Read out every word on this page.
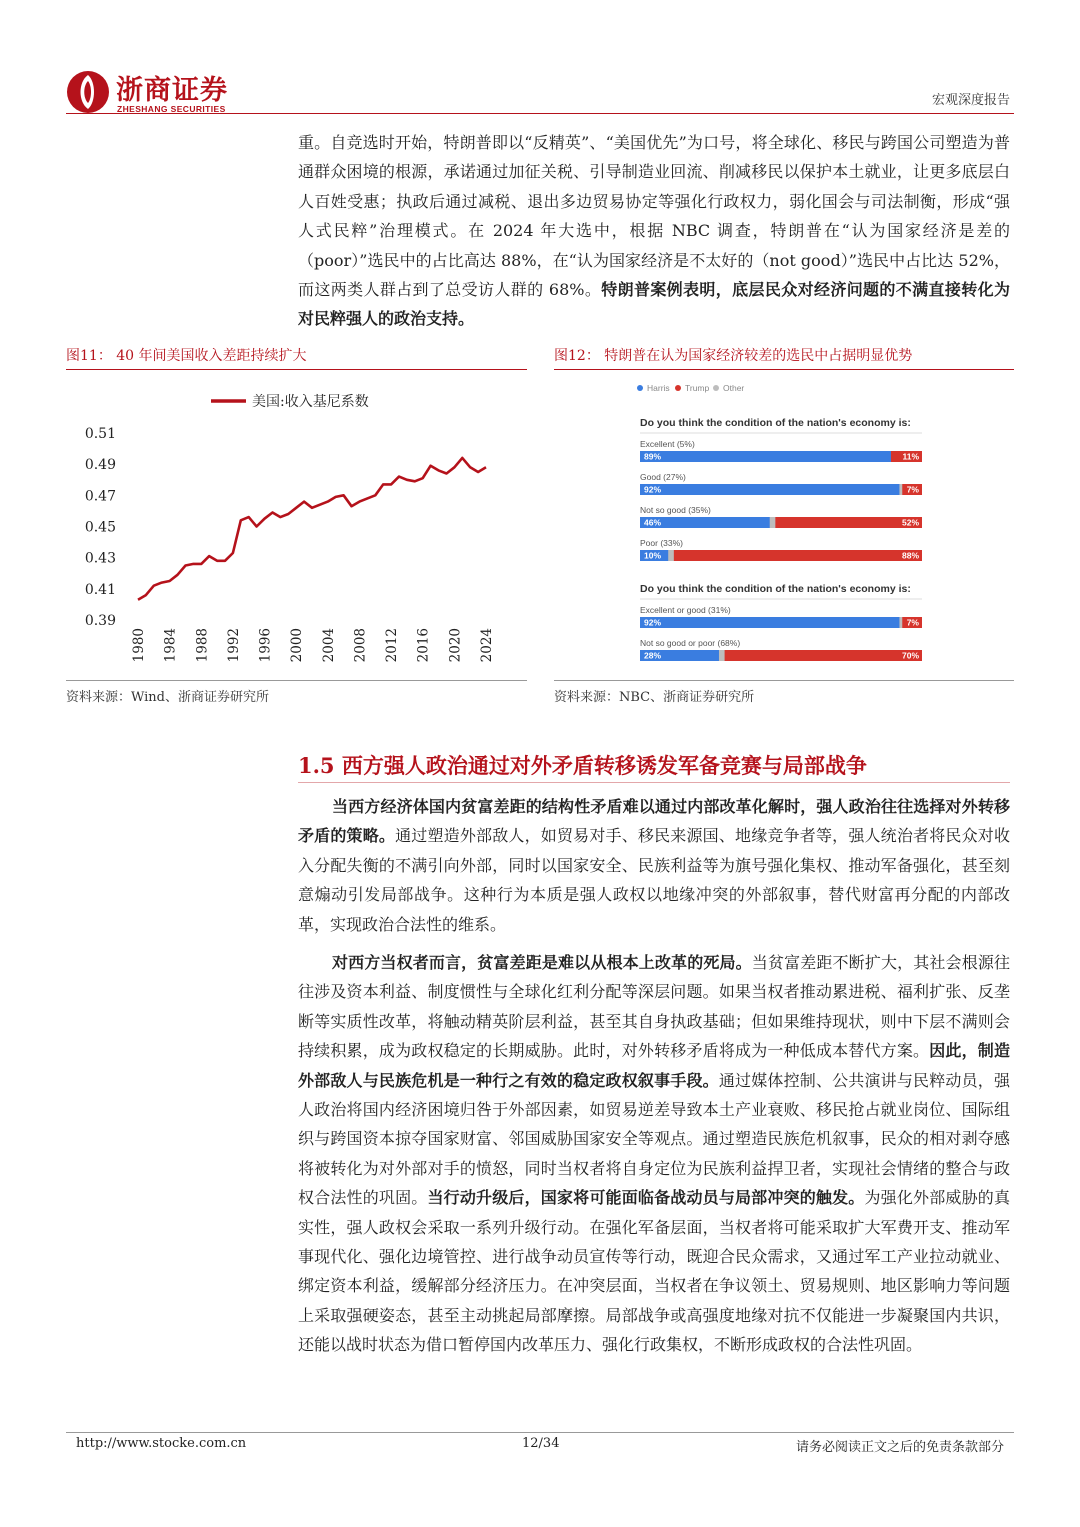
浙商证券
ZHESHANG SECURITIES
宏观深度报告

重。自竞选时开始，特朗普即以“反精英”、“美国优先”为口号，将全球化、移民与跨国公司塑造为普通群众困境的根源，承诺通过加征关税、引导制造业回流、削减移民以保护本土就业，让更多底层白人百姓受惠；执政后通过减税、退出多边贸易协定等强化行政权力，弱化国会与司法制衡，形成“强人式民粹”治理模式。在 2024 年大选中，根据 NBC 调查，特朗普在“认为国家经济是差的（poor）”选民中的占比高达 88%，在“认为国家经济是不太好的（not good）”选民中占比达 52%，而这两类人群占到了总受访人群的 68%。特朗普案例表明，底层民众对经济问题的不满直接转化为对民粹强人的政治支持。

图11： 40 年间美国收入差距持续扩大
美国:收入基尼系数
0.39
0.41
0.43
0.45
0.47
0.49
0.51
1980 1984 1988 1992 1996 2000 2004 2008 2012 2016 2020 2024
资料来源：Wind、浙商证券研究所
图12： 特朗普在认为国家经济较差的选民中占据明显优势
Harris Trump Other
Do you think the condition of the nation's economy is:
Excellent (5%)
89%	11%
Good (27%)
92%	7%
Not so good (35%)
46%	52%
Poor (33%)
10%	88%
Do you think the condition of the nation's economy is:
Excellent or good (31%)
92%	7%
Not so good or poor (68%)
28%	70%
资料来源：NBC、浙商证券研究所
1.5 西方强人政治通过对外矛盾转移诱发军备竞赛与局部战争

当西方经济体国内贫富差距的结构性矛盾难以通过内部改革化解时，强人政治往往选择对外转移矛盾的策略。通过塑造外部敌人，如贸易对手、移民来源国、地缘竞争者等，强人统治者将民众对收入分配失衡的不满引向外部，同时以国家安全、民族利益等为旗号强化集权、推动军备强化，甚至刻意煽动引发局部战争。这种行为本质是强人政权以地缘冲突的外部叙事，替代财富再分配的内部改革，实现政治合法性的维系。

对西方当权者而言，贫富差距是难以从根本上改革的死局。当贫富差距不断扩大，其社会根源往往涉及资本利益、制度惯性与全球化红利分配等深层问题。如果当权者推动累进税、福利扩张、反垄断等实质性改革，将触动精英阶层利益，甚至其自身执政基础；但如果维持现状，则中下层不满则会持续积累，成为政权稳定的长期威胁。此时，对外转移矛盾将成为一种低成本替代方案。因此，制造外部敌人与民族危机是一种行之有效的稳定政权叙事手段。通过媒体控制、公共演讲与民粹动员，强人政治将国内经济困境归咎于外部因素，如贸易逆差导致本土产业衰败、移民抢占就业岗位、国际组织与跨国资本掠夺国家财富、邻国威胁国家安全等观点。通过塑造民族危机叙事，民众的相对剥夺感将被转化为对外部对手的愤怒，同时当权者将自身定位为民族利益捍卫者，实现社会情绪的整合与政权合法性的巩固。当行动升级后，国家将可能面临备战动员与局部冲突的触发。为强化外部威胁的真实性，强人政权会采取一系列升级行动。在强化军备层面，当权者将可能采取扩大军费开支、推动军事现代化、强化边境管控、进行战争动员宣传等行动，既迎合民众需求，又通过军工产业拉动就业、绑定资本利益，缓解部分经济压力。在冲突层面，当权者在争议领土、贸易规则、地区影响力等问题上采取强硬姿态，甚至主动挑起局部摩擦。局部战争或高强度地缘对抗不仅能进一步凝聚国内共识，还能以战时状态为借口暂停国内改革压力、强化行政集权，不断形成政权的合法性巩固。

http://www.stocke.com.cn	12/34	请务必阅读正文之后的免责条款部分
